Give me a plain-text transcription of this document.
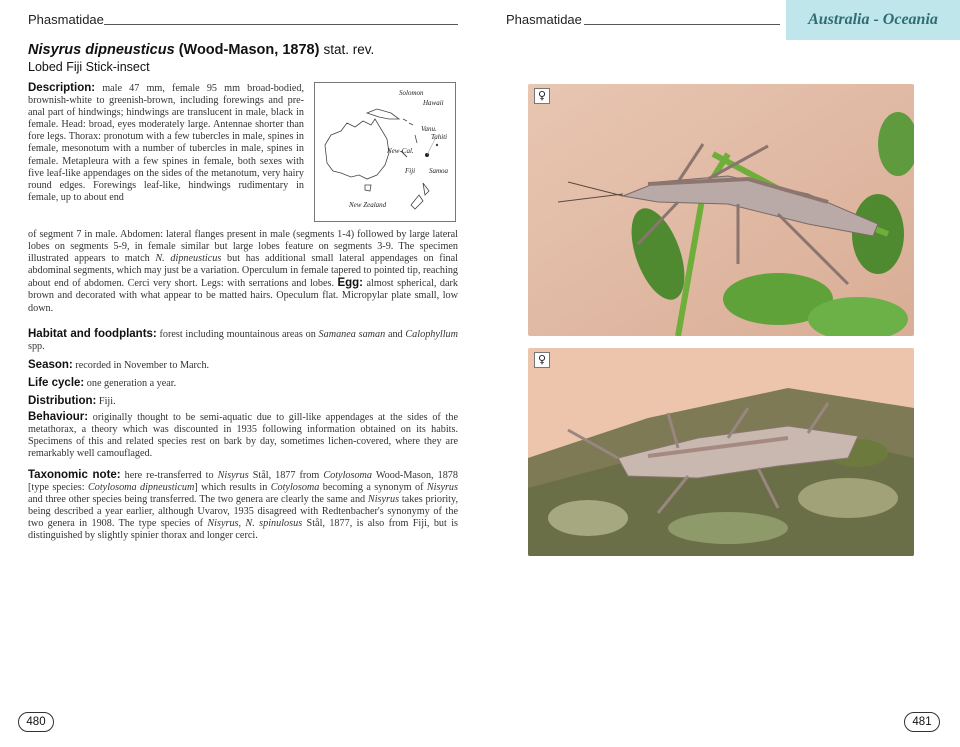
Phasmatidae	Phasmatidae	Australia - Oceania
Nisyrus dipneusticus (Wood-Mason, 1878) stat. rev.
Lobed Fiji Stick-insect
Description: male 47 mm, female 95 mm broad-bodied, brownish-white to greenish-brown, including forewings and pre-anal part of hindwings; hindwings are translucent in male, black in female. Head: broad, eyes moderately large. Antennae shorter than fore legs. Thorax: pronotum with a few tubercles in male, spines in female, mesonotum with a number of tubercles in male, spines in female. Metapleura with a few spines in female, both sexes with five leaf-like appendages on the sides of the metanotum, very hairy round edges. Forewings leaf-like, hindwings rudimentary in female, up to about end
Solomon
Hawaii
Vanu.
Tahiti
New-Cal.
Fiji Samoa
New Zealand
of segment 7 in male. Abdomen: lateral flanges present in male (segments 1-4) followed by large lateral lobes on segments 5-9, in female similar but large lobes feature on segments 3-9. The specimen illustrated appears to match N. dipneusticus but has additional small lateral appendages on final abdominal segments, which may just be a variation. Operculum in female tapered to pointed tip, reaching about end of abdomen. Cerci very short. Legs: with serrations and lobes. Egg: almost spherical, dark brown and decorated with what appear to be matted hairs. Opeculum flat. Micropylar plate small, low down.
Habitat and foodplants: forest including mountainous areas on Samanea saman and Calophyllum spp.
Season: recorded in November to March.
Life cycle: one generation a year.
Distribution: Fiji.
Behaviour: originally thought to be semi-aquatic due to gill-like appendages at the sides of the metathorax, a theory which was discounted in 1935 following information obtained on its habits. Specimens of this and related species rest on bark by day, sometimes lichen-covered, where they are remarkably well camouflaged.
Taxonomic note: here re-transferred to Nisyrus Stål, 1877 from Cotylosoma Wood-Mason, 1878 [type species: Cotylosoma dipneusticum] which results in Cotylosoma becoming a synonym of Nisyrus and three other species being transferred. The two genera are clearly the same and Nisyrus takes priority, being described a year earlier, although Uvarov, 1935 disagreed with Redtenbacher's synonymy of the two genera in 1908. The type species of Nisyrus, N. spinulosus Stål, 1877, is also from Fiji, but is distinguished by slightly spinier thorax and longer cerci.
♀
♀
480	481
